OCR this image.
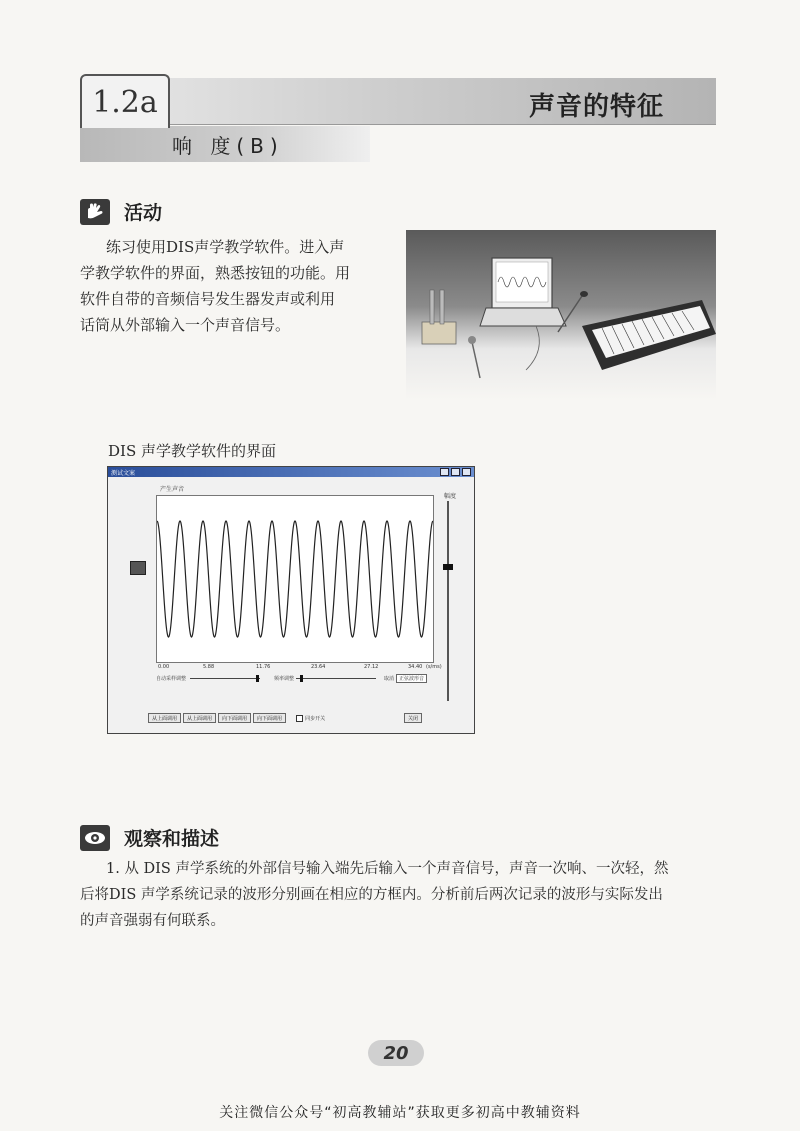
1.2a	声音的特征
响 度(B)
活动
练习使用DIS声学教学软件。进入声
学教学软件的界面，熟悉按钮的功能。用
软件自带的音频信号发生器发声或利用
话筒从外部输入一个声音信号。
DIS 声学教学软件的界面
测试文案
产生声音
幅度
0.00	5.88	11.76	23.64	27.12	34.40 (s/ms)
自动采样调整	频率调整	取消 正弦波形音
从上面调用	从上面调用	向下面调用	向下面调用	同步开关	关闭
观察和描述
1. 从 DIS 声学系统的外部信号输入端先后输入一个声音信号，声音一次响、一次轻，然
后将DIS 声学系统记录的波形分别画在相应的方框内。分析前后两次记录的波形与实际发出
的声音强弱有何联系。
20
关注微信公众号“初高教辅站”获取更多初高中教辅资料
